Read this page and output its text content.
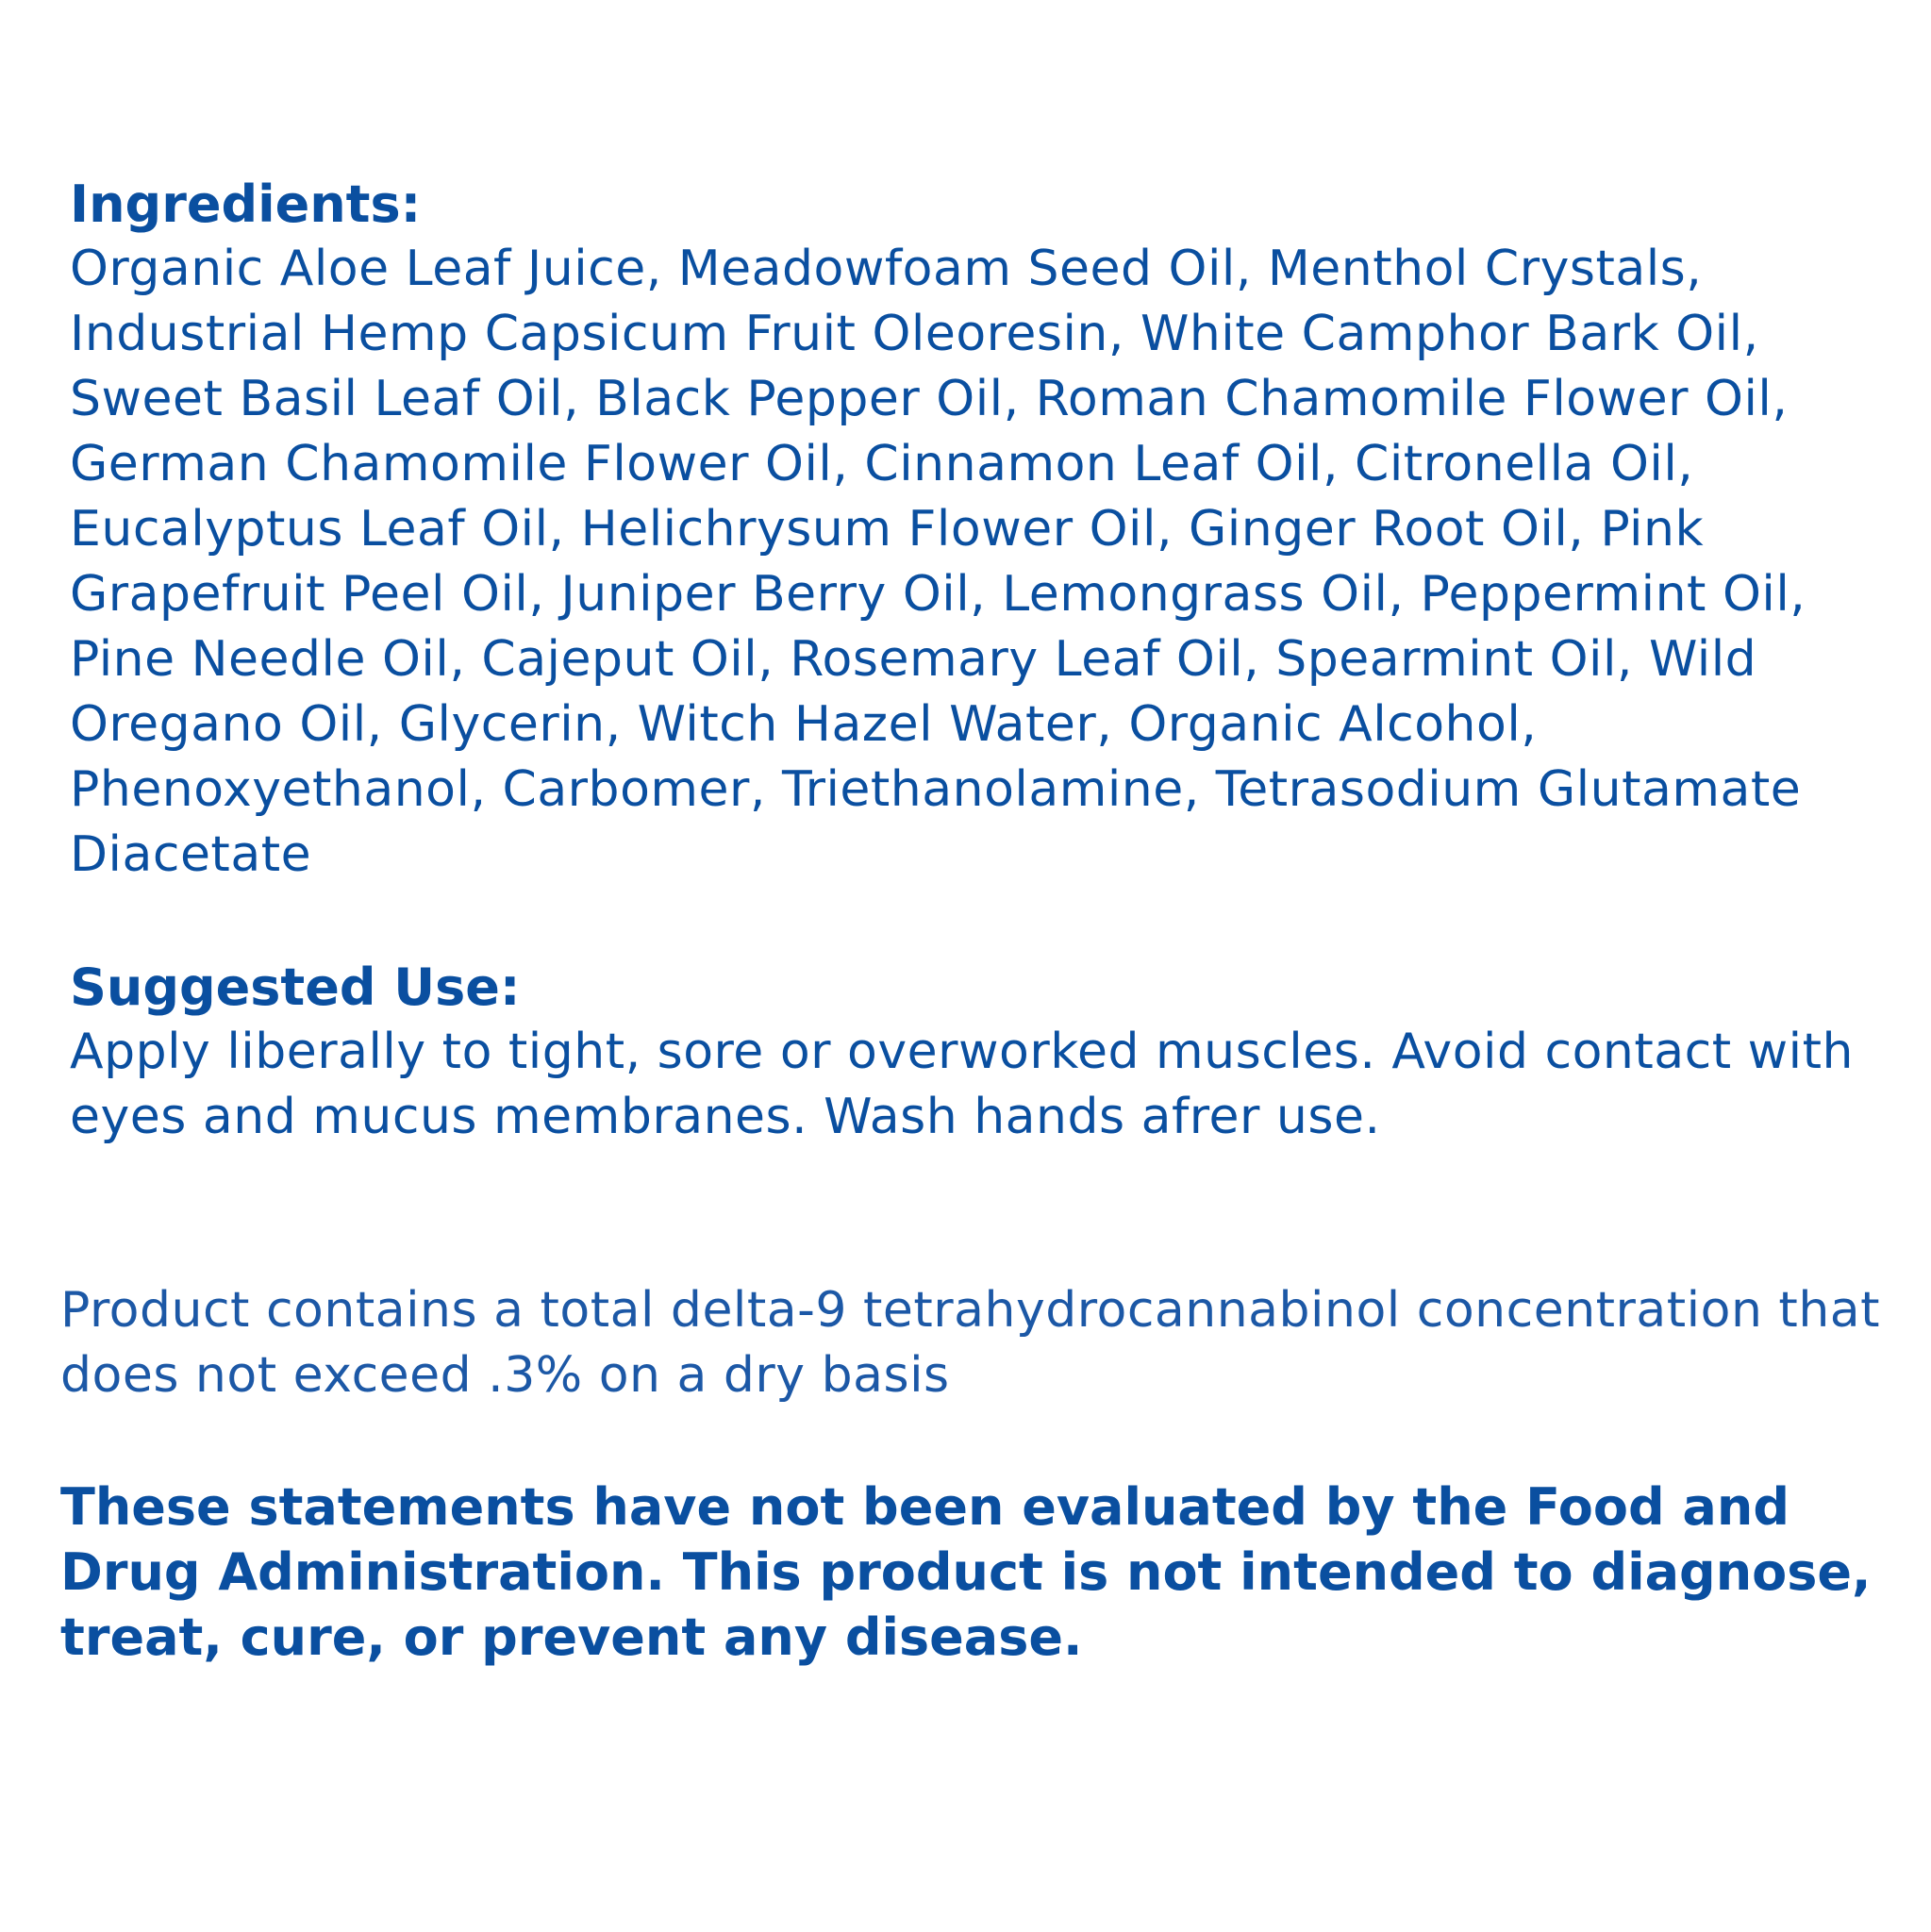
Ingredients:

Organic Aloe Leaf Juice, Meadowfoam Seed Oil, Menthol Crystals, Industrial Hemp Capsicum Fruit Oleoresin, White Camphor Bark Oil, Sweet Basil Leaf Oil, Black Pepper Oil, Roman Chamomile Flower Oil, German Chamomile Flower Oil, Cinnamon Leaf Oil, Citronella Oil, Eucalyptus Leaf Oil, Helichrysum Flower Oil, Ginger Root Oil, Pink Grapefruit Peel Oil, Juniper Berry Oil, Lemongrass Oil, Peppermint Oil, Pine Needle Oil, Cajeput Oil, Rosemary Leaf Oil, Spearmint Oil, Wild Oregano Oil, Glycerin, Witch Hazel Water, Organic Alcohol, Phenoxyethanol, Carbomer, Triethanolamine, Tetrasodium Glutamate Diacetate

Suggested Use:

Apply liberally to tight, sore or overworked muscles. Avoid contact with eyes and mucus membranes. Wash hands afrer use.

Product contains a total delta-9 tetrahydrocannabinol concentration that does not exceed .3% on a dry basis

These statements have not been evaluated by the Food and Drug Administration. This product is not intended to diagnose, treat, cure, or prevent any disease.
